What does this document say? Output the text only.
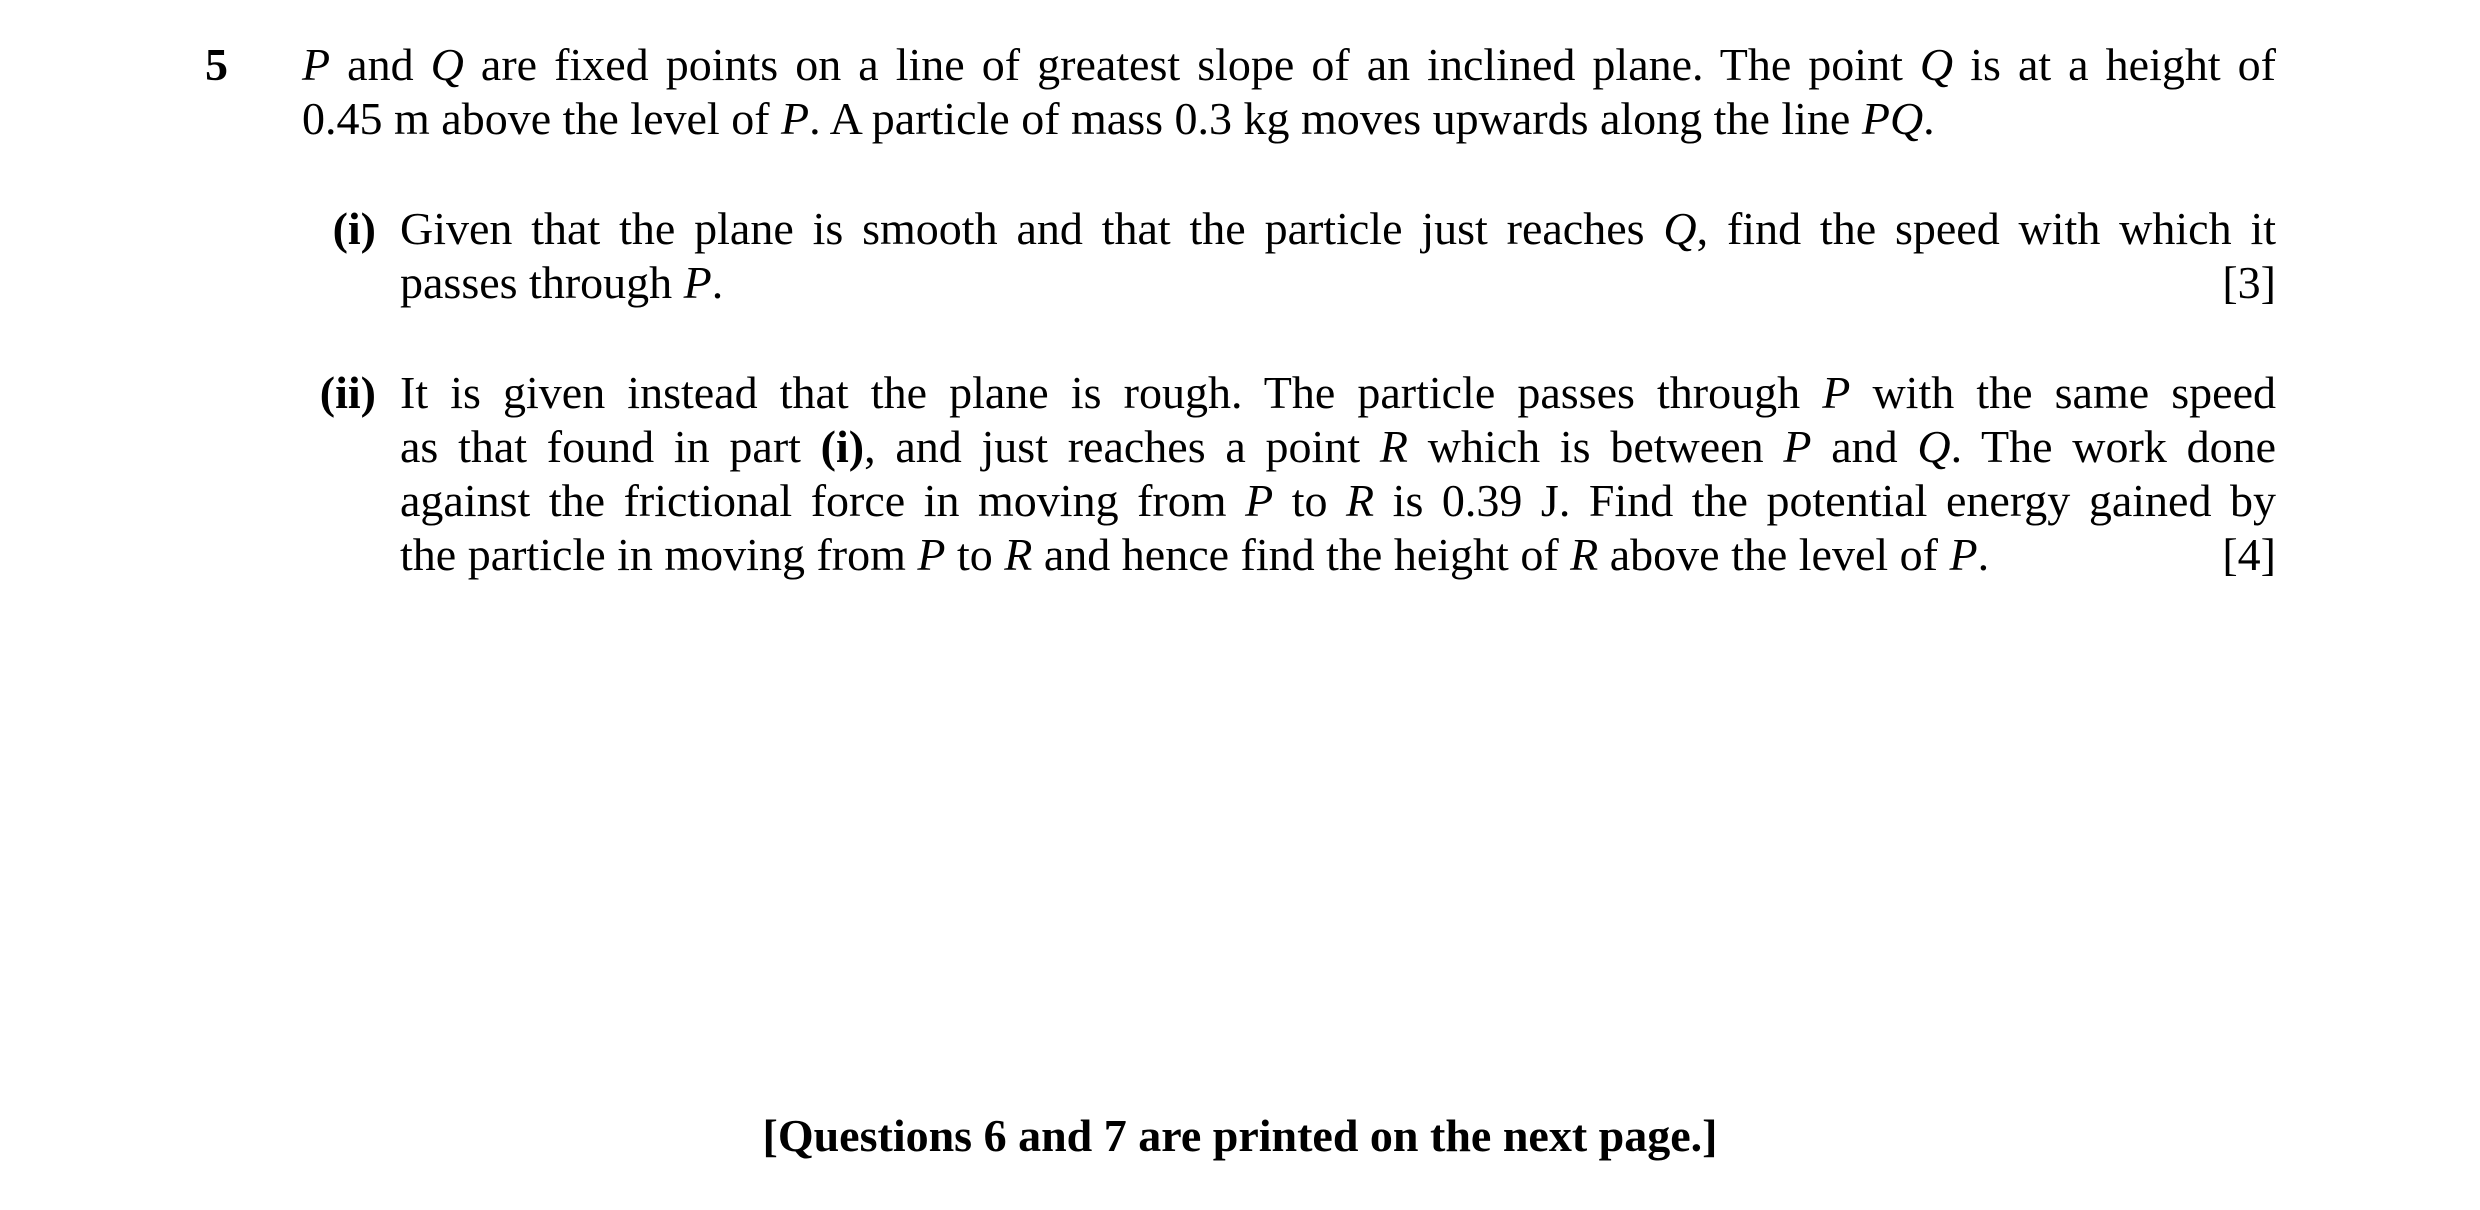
5 P and Q are fixed points on a line of greatest slope of an inclined plane. The point Q is at a height of
0.45 m above the level of P. A particle of mass 0.3 kg moves upwards along the line PQ.
(i) Given that the plane is smooth and that the particle just reaches Q, find the speed with which it
passes through P.	[3]
(ii) It is given instead that the plane is rough. The particle passes through P with the same speed
as that found in part (i), and just reaches a point R which is between P and Q. The work done
against the frictional force in moving from P to R is 0.39 J. Find the potential energy gained by
the particle in moving from P to R and hence find the height of R above the level of P.	[4]
[Questions 6 and 7 are printed on the next page.]
